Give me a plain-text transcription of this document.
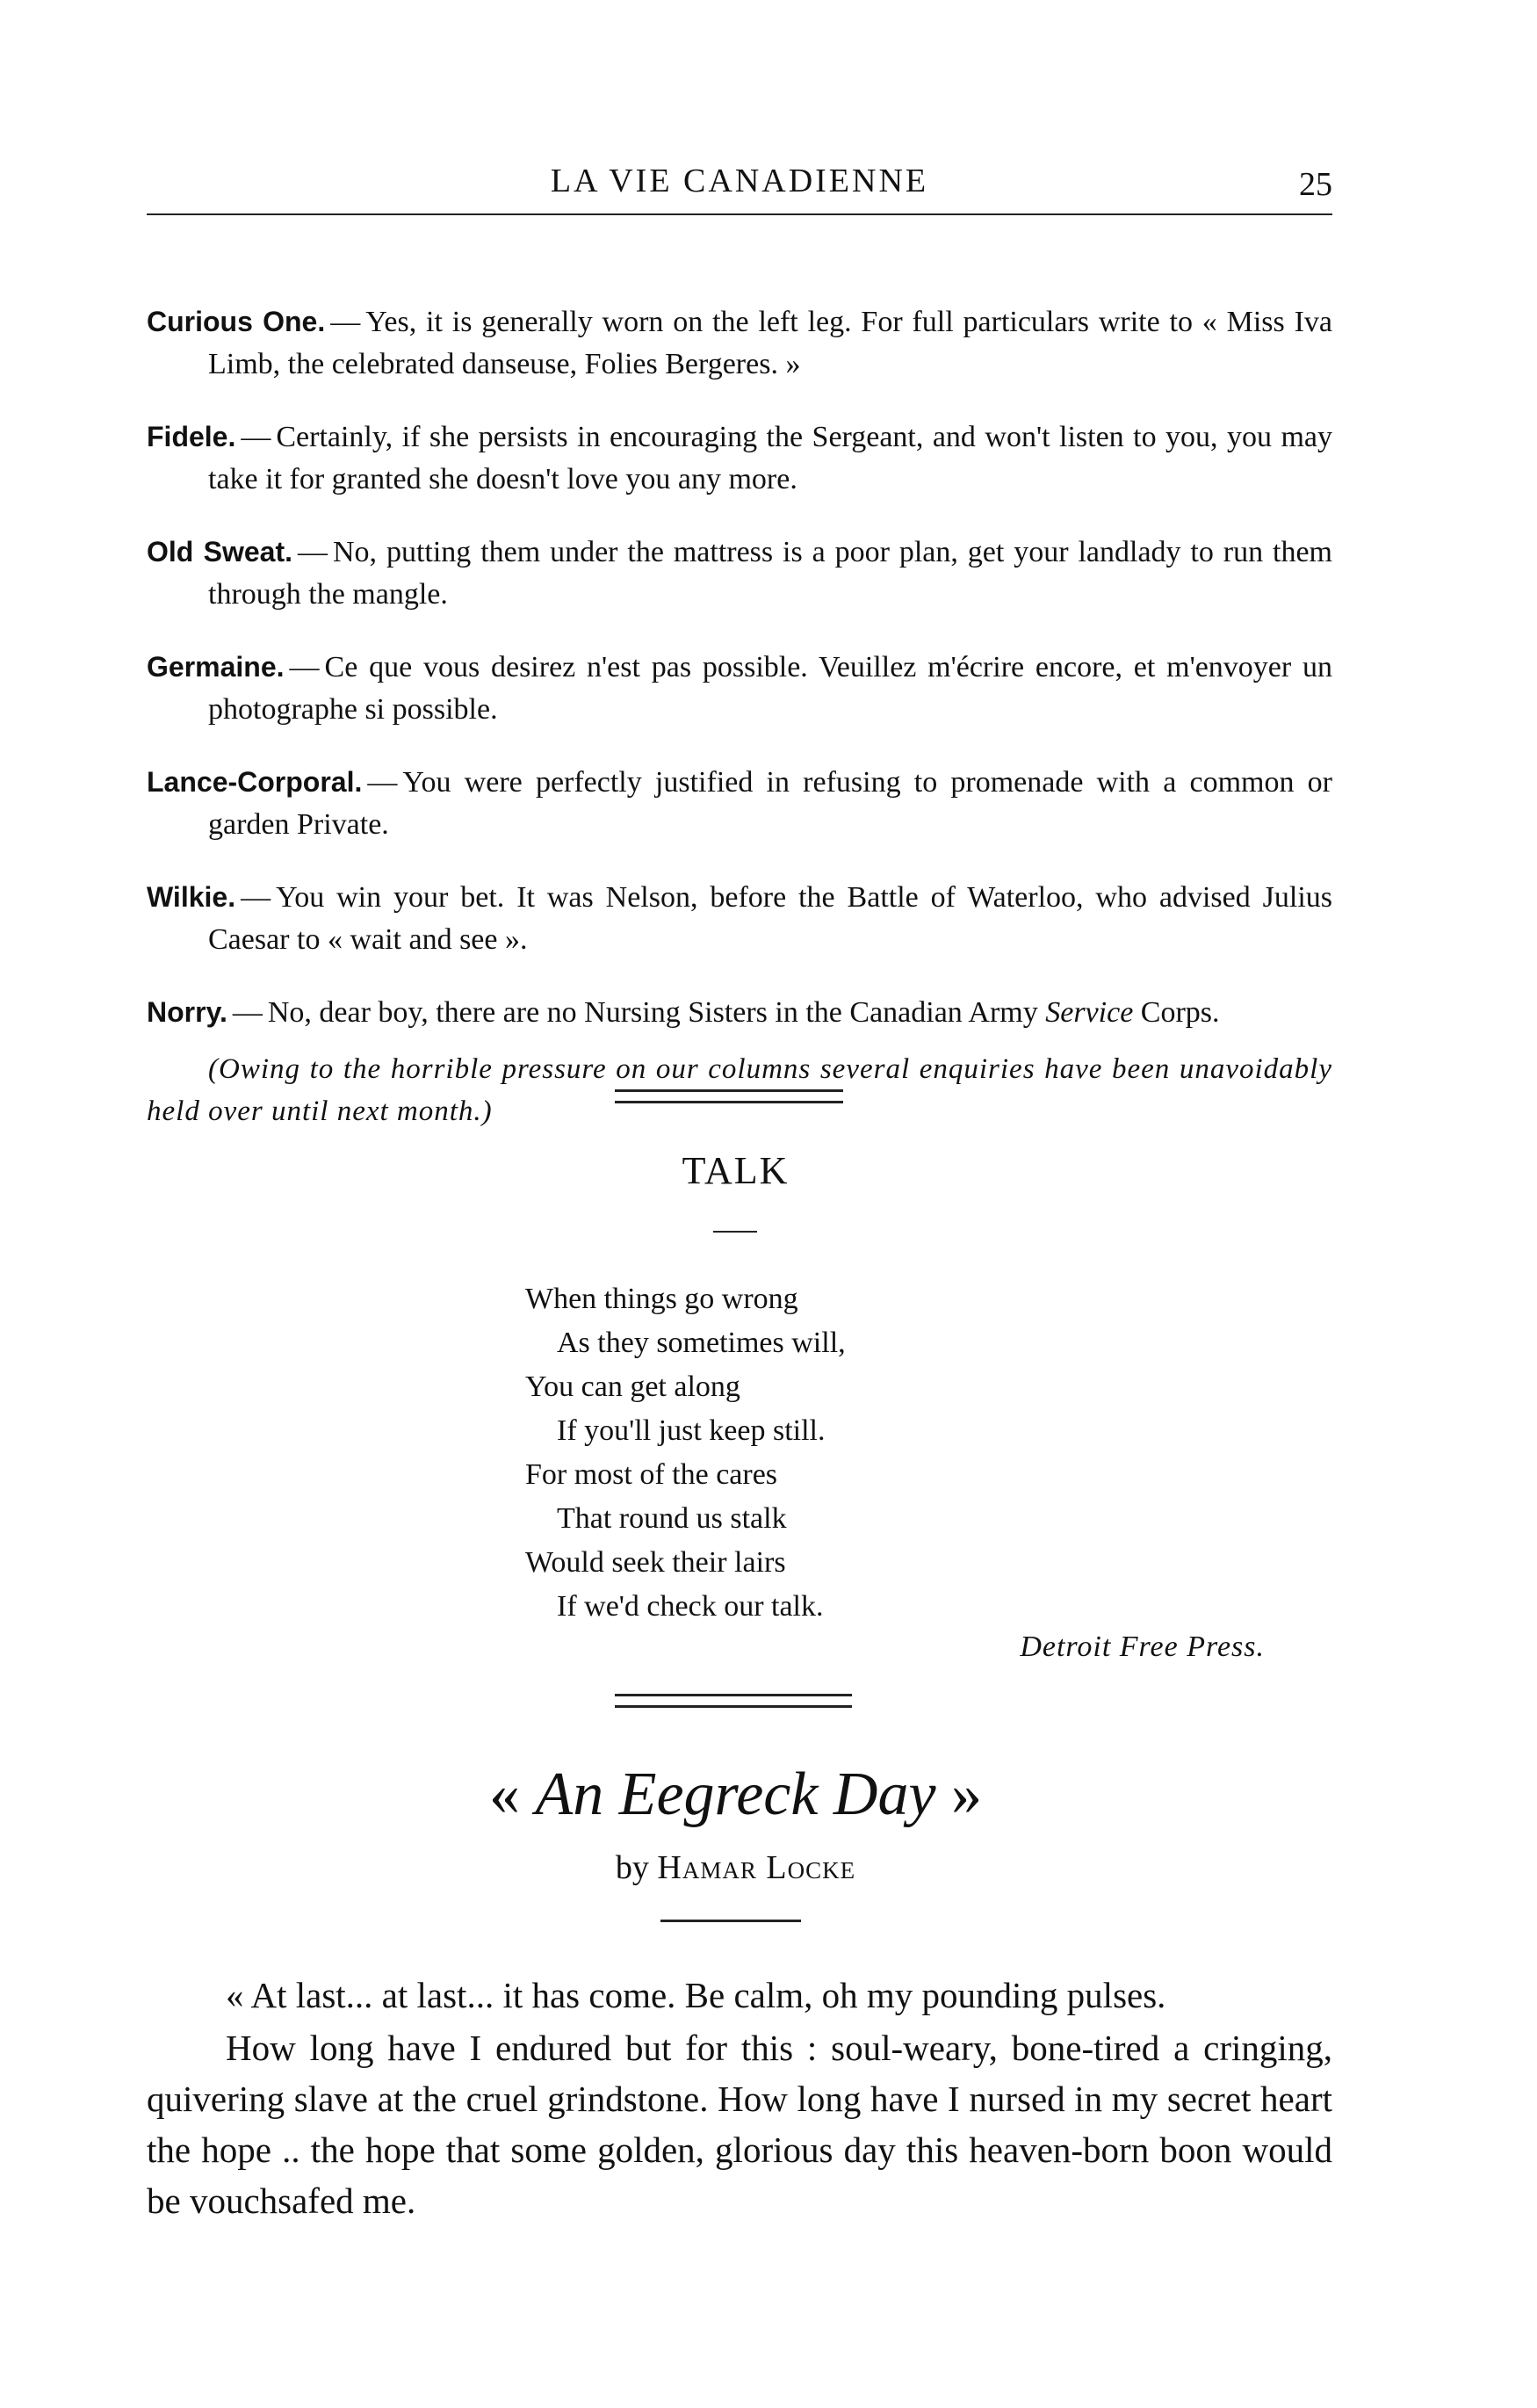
LA VIE CANADIENNE	25

Curious One. — Yes, it is generally worn on the left leg. For full particulars write to « Miss Iva Limb, the celebrated danseuse, Folies Bergeres. »

Fidele. — Certainly, if she persists in encouraging the Sergeant, and won't listen to you, you may take it for granted she doesn't love you any more.

Old Sweat. — No, putting them under the mattress is a poor plan, get your landlady to run them through the mangle.

Germaine. — Ce que vous desirez n'est pas possible. Veuillez m'écrire encore, et m'envoyer un photographe si possible.

Lance-Corporal. — You were perfectly justified in refusing to promenade with a common or garden Private.

Wilkie. — You win your bet. It was Nelson, before the Battle of Waterloo, who advised Julius Caesar to « wait and see ».

Norry. — No, dear boy, there are no Nursing Sisters in the Canadian Army Service Corps.

(Owing to the horrible pressure on our columns several enquiries have been unavoidably held over until next month.)

TALK
When things go wrong
As they sometimes will,
You can get along
If you'll just keep still.
For most of the cares
That round us stalk
Would seek their lairs
If we'd check our talk.
Detroit Free Press.
« An Eegreck Day »
by Hamar Locke

« At last... at last... it has come. Be calm, oh my pounding pulses.

How long have I endured but for this : soul-weary, bone-tired a cringing, quivering slave at the cruel grindstone. How long have I nursed in my secret heart the hope .. the hope that some golden, glorious day this heaven-born boon would be vouchsafed me.
